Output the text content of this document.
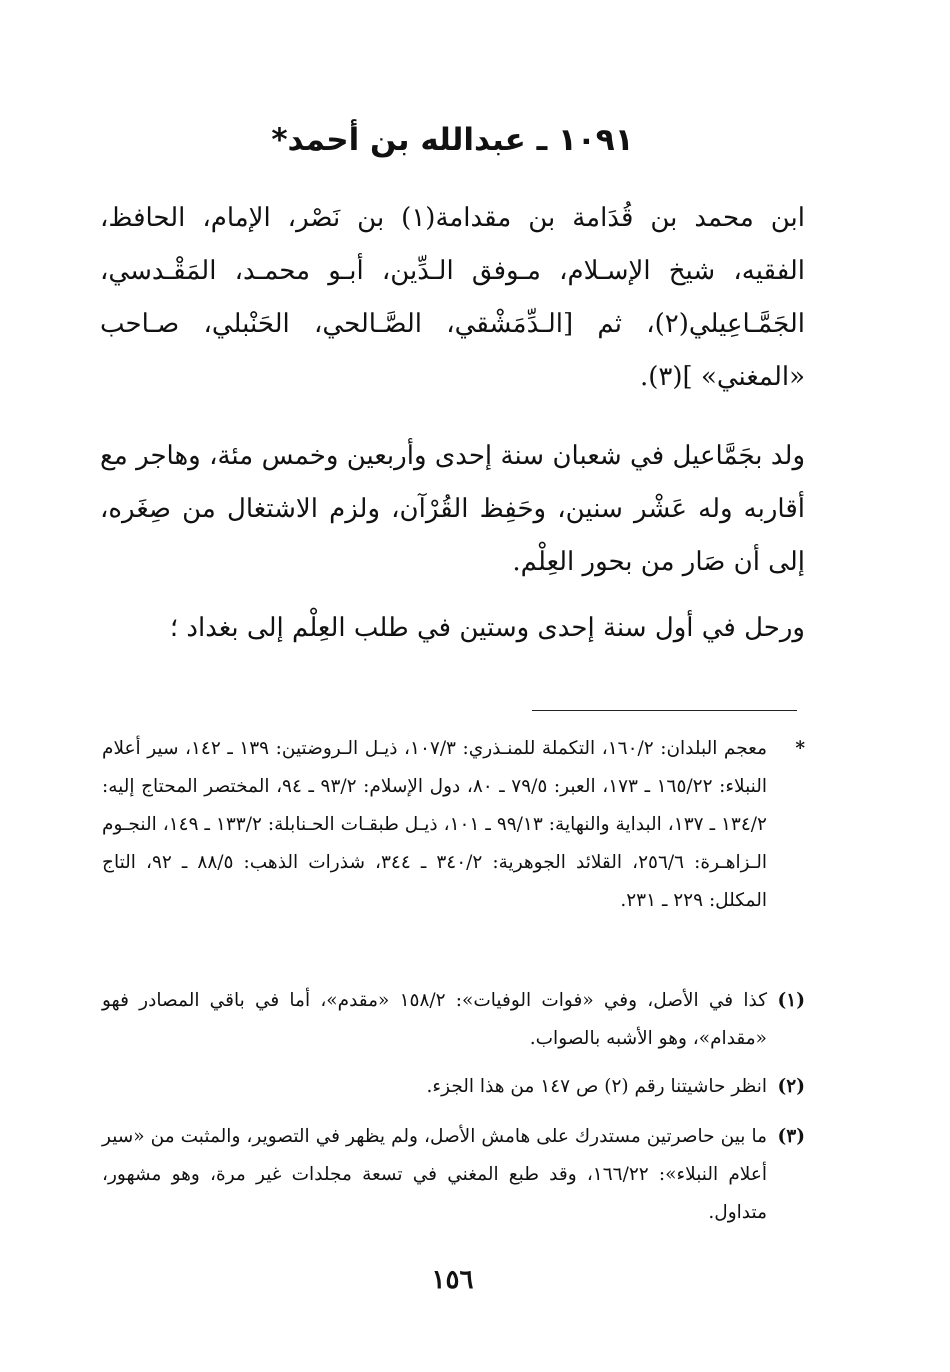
١٠٩١ ـ عبدالله بن أحمد*

ابن محمد بن قُدَامة بن مقدامة(١) بن نَصْر، الإمام، الحافظ، الفقيه، شيخ الإسـلام، مـوفق الـدِّين، أبـو محمـد، المَقْـدسي، الجَمَّـاعِيلي(٢)، ثم [الـدِّمَشْقي، الصَّـالحي، الحَنْبلي، صـاحب «المغني» ](٣).

ولد بجَمَّاعيل في شعبان سنة إحدى وأربعين وخمس مئة، وهاجر مع أقاربه وله عَشْر سنين، وحَفِظ القُرْآن، ولزم الاشتغال من صِغَره، إلى أن صَار من بحور العِلْم.

ورحل في أول سنة إحدى وستين في طلب العِلْم إلى بغداد ؛

*معجم البلدان: ١٦٠/٢، التكملة للمنـذري: ١٠٧/٣، ذيـل الـروضتين: ١٣٩ ـ ١٤٢، سير أعلام النبلاء: ١٦٥/٢٢ ـ ١٧٣، العبر: ٧٩/٥ ـ ٨٠، دول الإسلام: ٩٣/٢ ـ ٩٤، المختصر المحتاج إليه: ١٣٤/٢ ـ ١٣٧، البداية والنهاية: ٩٩/١٣ ـ ١٠١، ذيـل طبقـات الحـنابلة: ١٣٣/٢ ـ ١٤٩، النجـوم الـزاهـرة: ٢٥٦/٦، القلائد الجوهرية: ٣٤٠/٢ ـ ٣٤٤، شذرات الذهب: ٨٨/٥ ـ ٩٢، التاج المكلل: ٢٢٩ ـ ٢٣١.
(١)كذا في الأصل، وفي «فوات الوفيات»: ١٥٨/٢ «مقدم»، أما في باقي المصادر فهو «مقدام»، وهو الأشبه بالصواب.
(٢)انظر حاشيتنا رقم (٢) ص ١٤٧ من هذا الجزء.
(٣)ما بين حاصرتين مستدرك على هامش الأصل، ولم يظهر في التصوير، والمثبت من «سير أعلام النبلاء»: ١٦٦/٢٢، وقد طبع المغني في تسعة مجلدات غير مرة، وهو مشهور، متداول.
١٥٦
